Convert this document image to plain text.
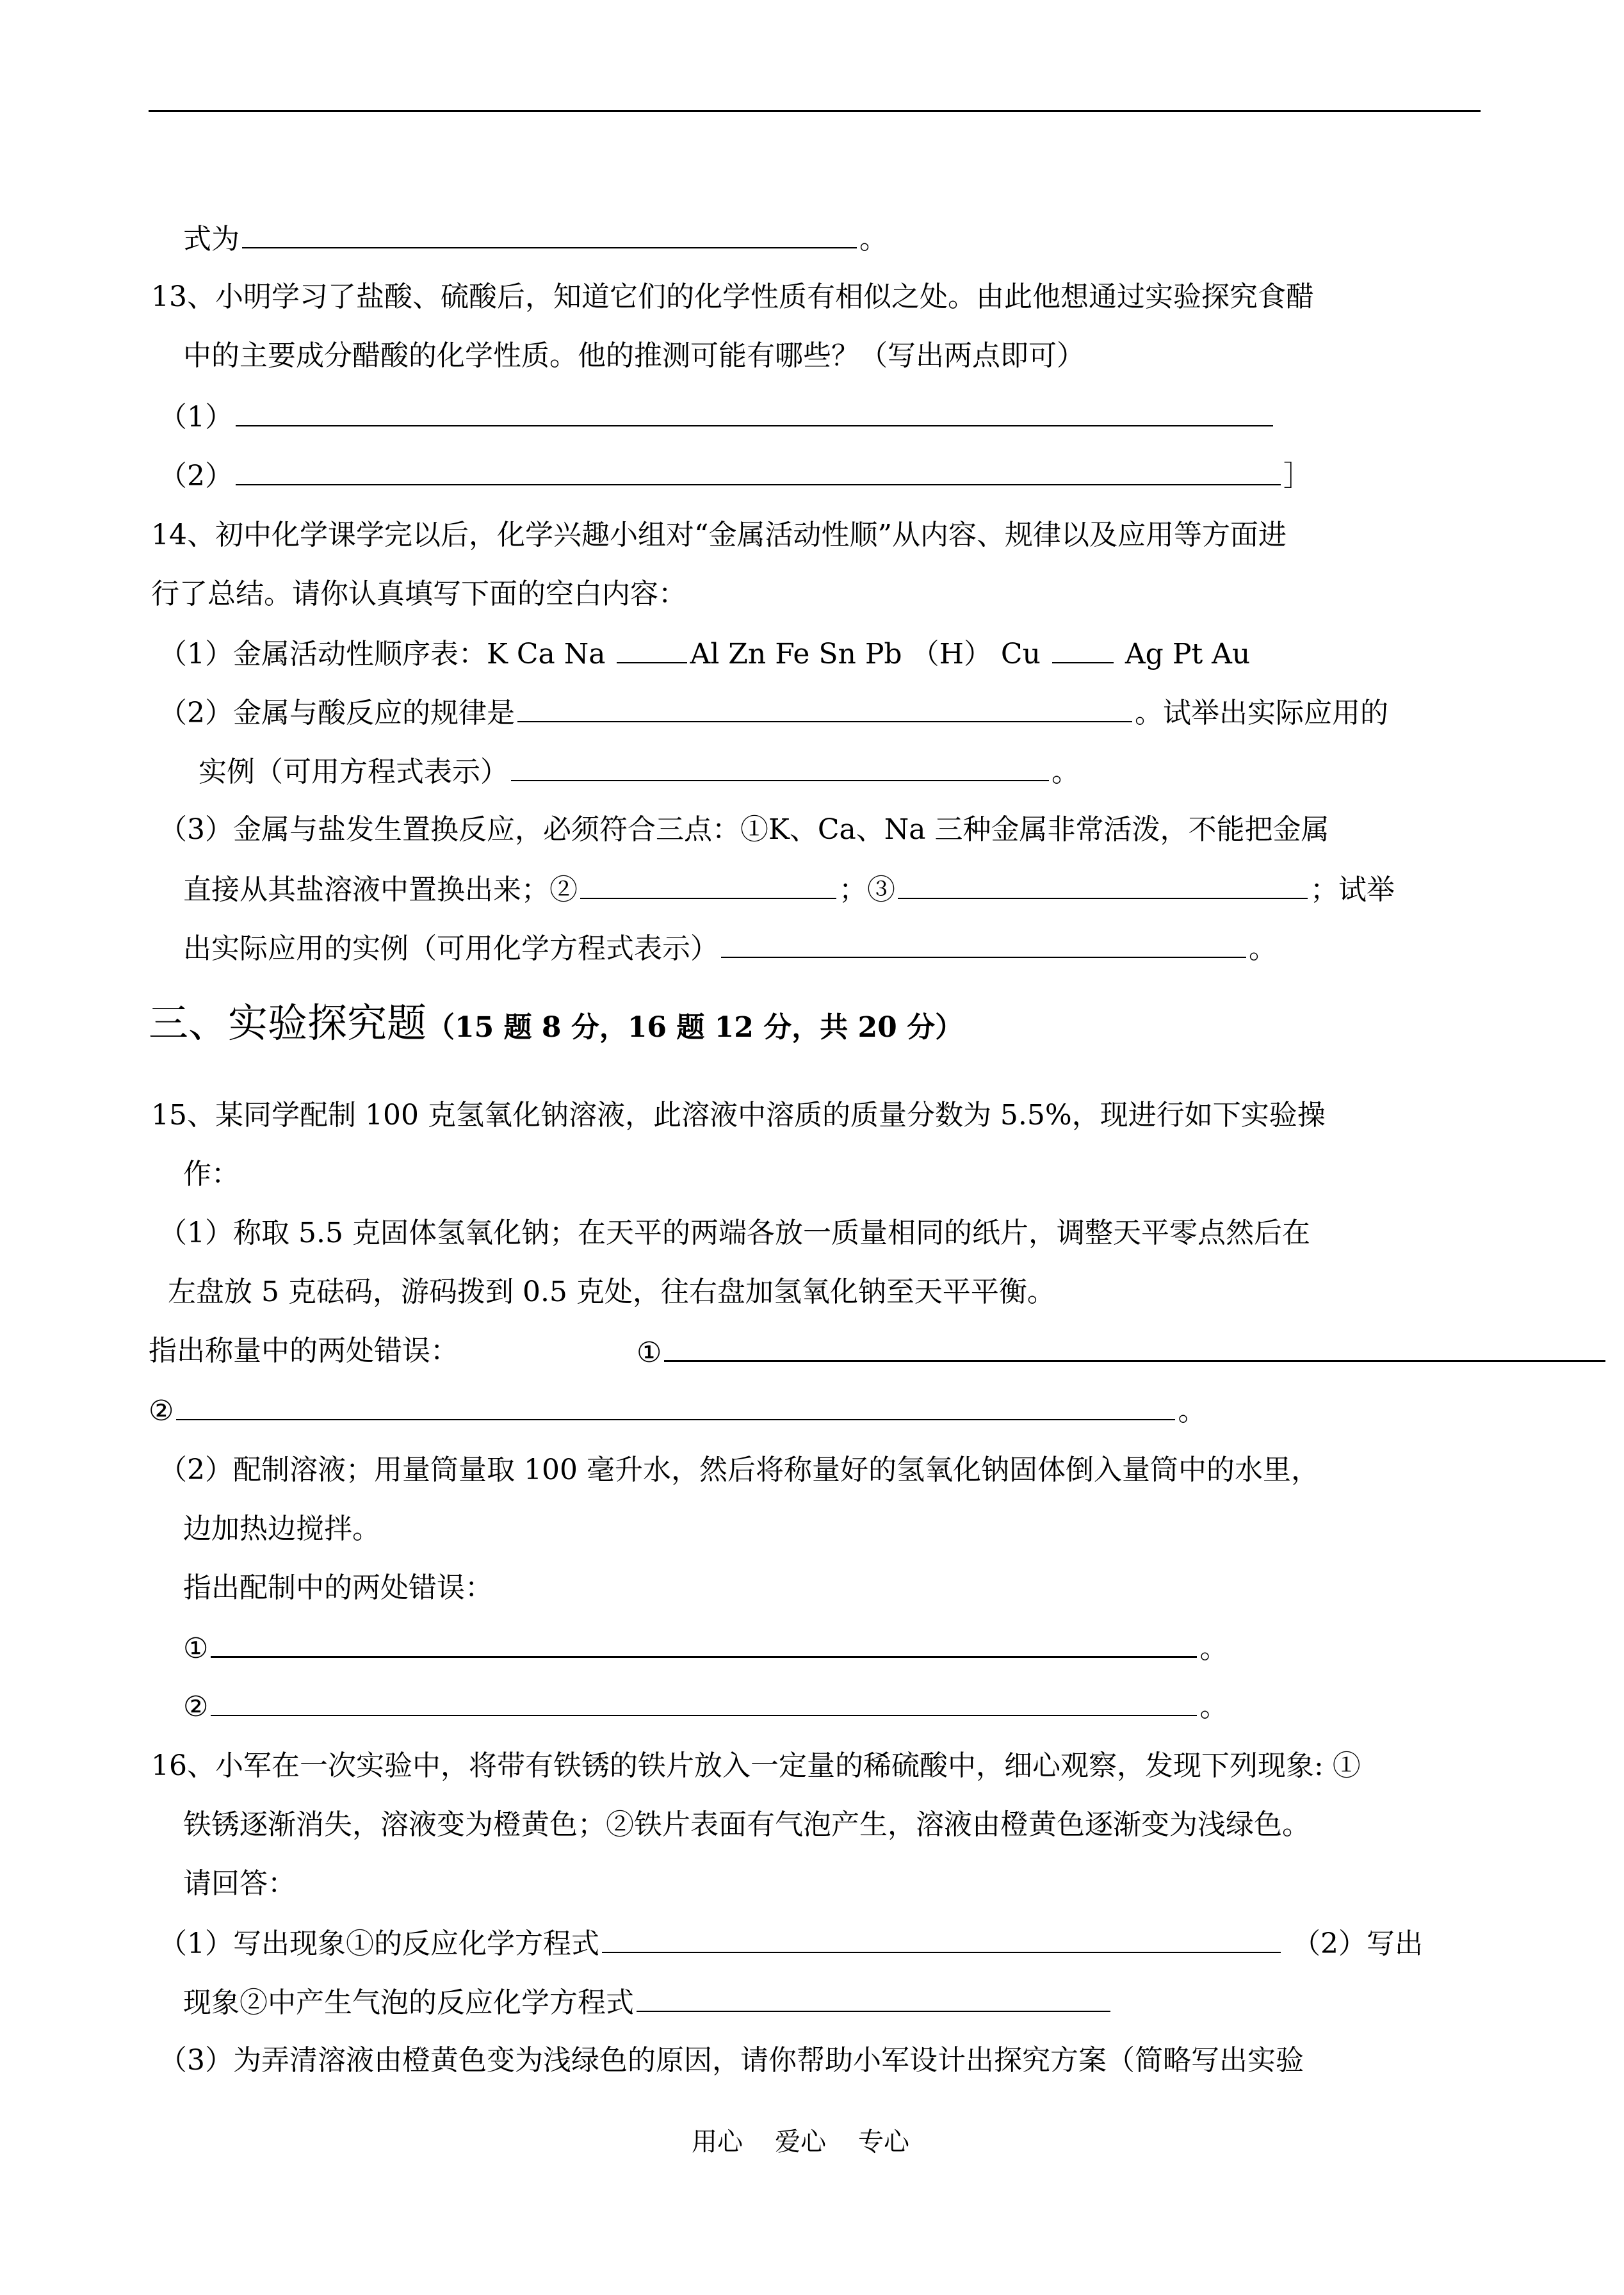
式为	。
13、小明学习了盐酸、硫酸后，知道它们的化学性质有相似之处。由此他想通过实验探究食醋
中的主要成分醋酸的化学性质。他的推测可能有哪些？（写出两点即可）
（1）
（2）	］
14、初中化学课学完以后，化学兴趣小组对“金属活动性顺”从内容、规律以及应用等方面进
行了总结。请你认真填写下面的空白内容：
（1）金属活动性顺序表：K Ca Na	Al Zn Fe Sn Pb （H） Cu  Ag Pt Au
（2）金属与酸反应的规律是	。试举出实际应用的
实例（可用方程式表示）	。
（3）金属与盐发生置换反应，必须符合三点：①K、Ca、Na 三种金属非常活泼，不能把金属
直接从其盐溶液中置换出来；②	；③	；试举
出实际应用的实例（可用化学方程式表示）	。
三、实验探究题（15 题 8 分，16 题 12 分，共 20 分）
15、某同学配制 100 克氢氧化钠溶液，此溶液中溶质的质量分数为 5.5%，现进行如下实验操
作：
（1）称取 5.5 克固体氢氧化钠；在天平的两端各放一质量相同的纸片，调整天平零点然后在
左盘放 5 克砝码，游码拨到 0.5 克处，往右盘加氢氧化钠至天平平衡。
指出称量中的两处错误：	①
②	。
（2）配制溶液；用量筒量取 100 毫升水，然后将称量好的氢氧化钠固体倒入量筒中的水里，
边加热边搅拌。
指出配制中的两处错误：
①	。
②	。
16、小军在一次实验中，将带有铁锈的铁片放入一定量的稀硫酸中，细心观察，发现下列现象: ①
铁锈逐渐消失，溶液变为橙黄色；②铁片表面有气泡产生，溶液由橙黄色逐渐变为浅绿色。
请回答：
（1）写出现象①的反应化学方程式	（2）写出
现象②中产生气泡的反应化学方程式
（3）为弄清溶液由橙黄色变为浅绿色的原因，请你帮助小军设计出探究方案（简略写出实验
用心 爱心 专心
